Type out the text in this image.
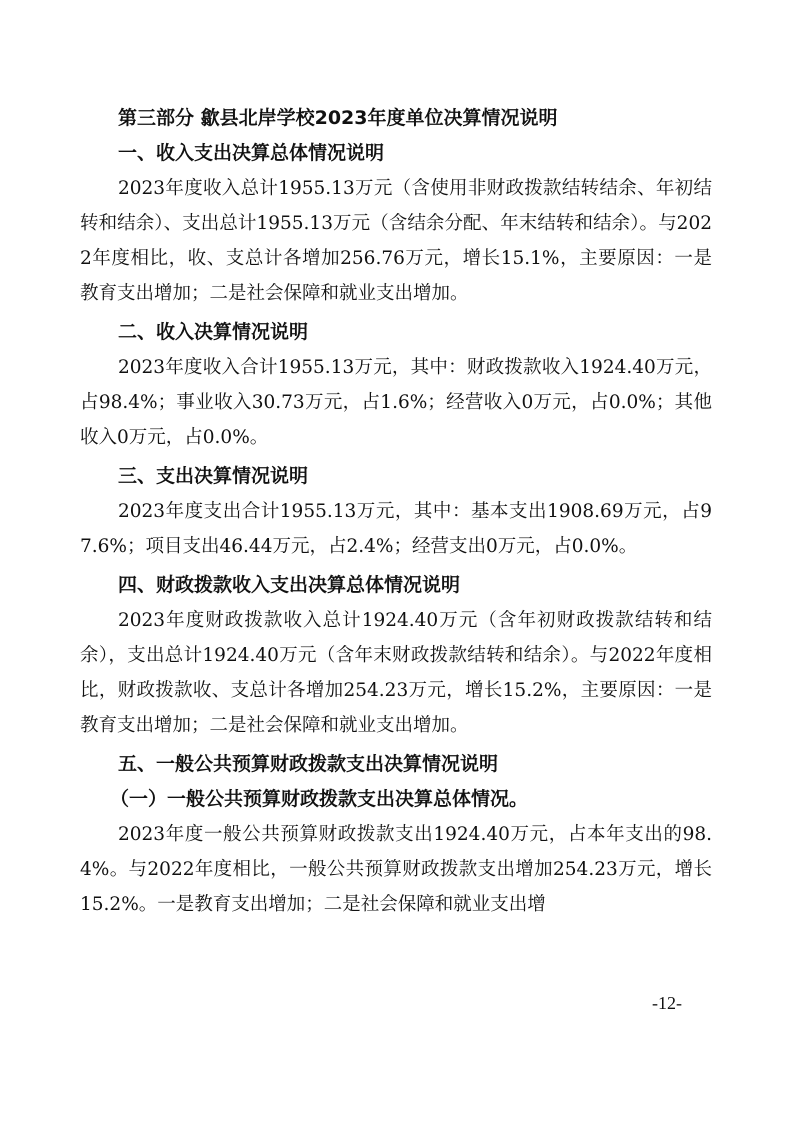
第三部分 歙县北岸学校2023年度单位决算情况说明
一、收入支出决算总体情况说明
2023年度收入总计1955.13万元（含使用非财政拨款结转结余、年初结转和结余）、支出总计1955.13万元（含结余分配、年末结转和结余）。与2022年度相比，收、支总计各增加256.76万元，增长15.1%，主要原因：一是教育支出增加；二是社会保障和就业支出增加。
二、收入决算情况说明
2023年度收入合计1955.13万元，其中：财政拨款收入1924.40万元，占98.4%；事业收入30.73万元，占1.6%；经营收入0万元，占0.0%；其他收入0万元，占0.0%。
三、支出决算情况说明
2023年度支出合计1955.13万元，其中：基本支出1908.69万元，占97.6%；项目支出46.44万元，占2.4%；经营支出0万元，占0.0%。
四、财政拨款收入支出决算总体情况说明
2023年度财政拨款收入总计1924.40万元（含年初财政拨款结转和结余），支出总计1924.40万元（含年末财政拨款结转和结余）。与2022年度相比，财政拨款收、支总计各增加254.23万元，增长15.2%，主要原因：一是教育支出增加；二是社会保障和就业支出增加。
五、一般公共预算财政拨款支出决算情况说明
（一）一般公共预算财政拨款支出决算总体情况。
2023年度一般公共预算财政拨款支出1924.40万元，占本年支出的98.4%。与2022年度相比，一般公共预算财政拨款支出增加254.23万元，增长15.2%。一是教育支出增加；二是社会保障和就业支出增
-12-
